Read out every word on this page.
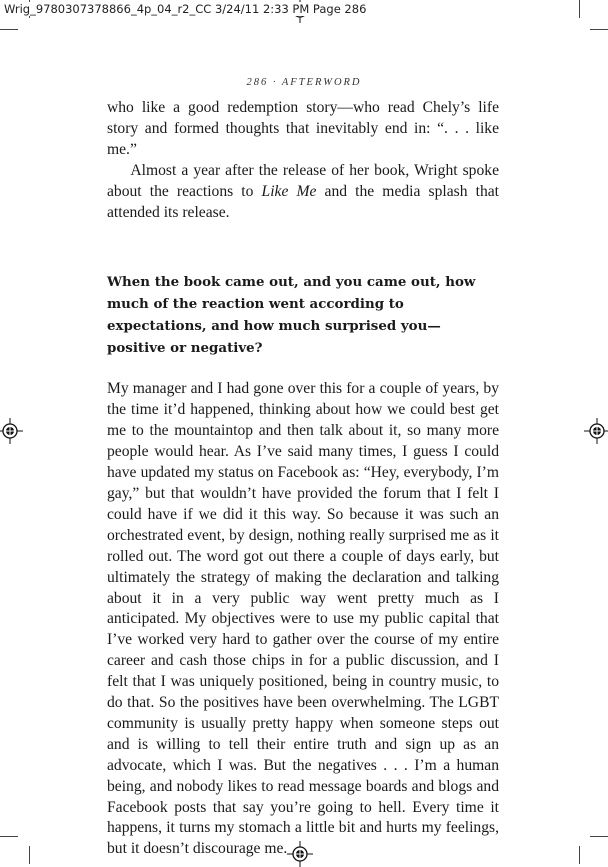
Wrig_9780307378866_4p_04_r2_CC 3/24/11 2:33 PM Page 286
286 · AFTERWORD

who like a good redemption story—who read Chely’s life story and formed thoughts that inevitably end in: “. . . like me.”

Almost a year after the release of her book, Wright spoke about the reactions to Like Me and the media splash that attended its release.

When the book came out, and you came out, how much of the reaction went according to expectations, and how much surprised you—positive or negative?

My manager and I had gone over this for a couple of years, by the time it’d happened, thinking about how we could best get me to the mountaintop and then talk about it, so many more people would hear. As I’ve said many times, I guess I could have updated my status on Facebook as: “Hey, everybody, I’m gay,” but that wouldn’t have provided the forum that I felt I could have if we did it this way. So because it was such an orchestrated event, by design, nothing really surprised me as it rolled out. The word got out there a couple of days early, but ultimately the strategy of making the declaration and talking about it in a very public way went pretty much as I anticipated. My objectives were to use my public capital that I’ve worked very hard to gather over the course of my entire career and cash those chips in for a public discussion, and I felt that I was uniquely positioned, being in country music, to do that. So the positives have been overwhelming. The LGBT community is usually pretty happy when someone steps out and is willing to tell their entire truth and sign up as an advocate, which I was. But the negatives . . . I’m a human being, and nobody likes to read message boards and blogs and Facebook posts that say you’re going to hell. Every time it happens, it turns my stomach a little bit and hurts my feelings, but it doesn’t discourage me.
